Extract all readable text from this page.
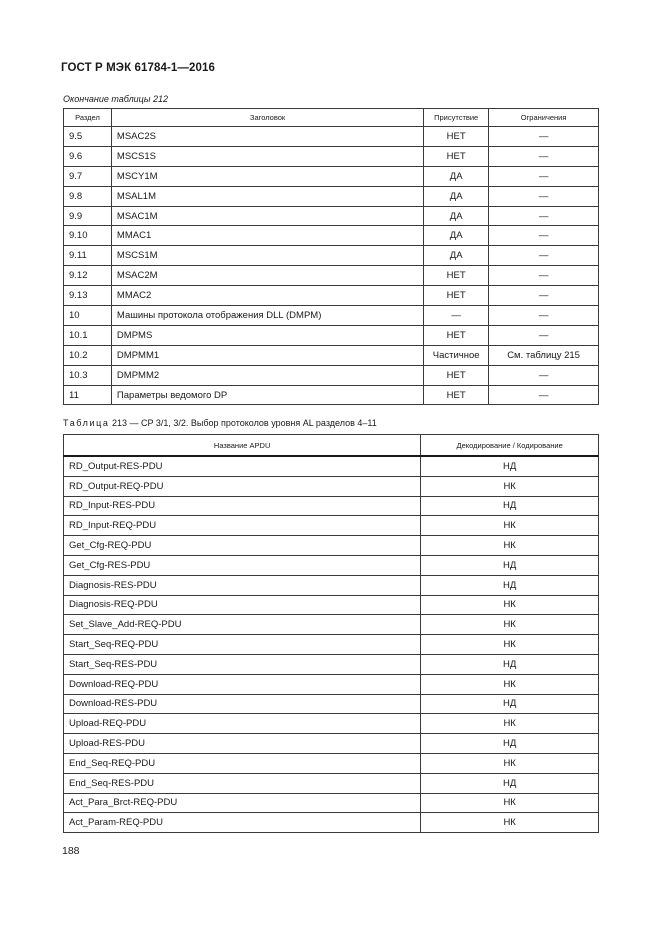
ГОСТ Р МЭК 61784-1—2016
Окончание таблицы 212
Раздел	Заголовок	Присутствие	Ограничения
9.5	MSAC2S	НЕТ	—
9.6	MSCS1S	НЕТ	—
9.7	MSCY1M	ДА	—
9.8	MSAL1M	ДА	—
9.9	MSAC1M	ДА	—
9.10	MMAC1	ДА	—
9.11	MSCS1M	ДА	—
9.12	MSAC2M	НЕТ	—
9.13	MMAC2	НЕТ	—
10	Машины протокола отображения DLL (DMPM)	—	—
10.1	DMPMS	НЕТ	—
10.2	DMPMM1	Частичное	См. таблицу 215
10.3	DMPMM2	НЕТ	—
11	Параметры ведомого DP	НЕТ	—
Таблица 213 — CP 3/1, 3/2. Выбор протоколов уровня AL разделов 4–11
Название APDU	Декодирование / Кодирование
RD_Output-RES-PDU	НД
RD_Output-REQ-PDU	НК
RD_Input-RES-PDU	НД
RD_Input-REQ-PDU	НК
Get_Cfg-REQ-PDU	НК
Get_Cfg-RES-PDU	НД
Diagnosis-RES-PDU	НД
Diagnosis-REQ-PDU	НК
Set_Slave_Add-REQ-PDU	НК
Start_Seq-REQ-PDU	НК
Start_Seq-RES-PDU	НД
Download-REQ-PDU	НК
Download-RES-PDU	НД
Upload-REQ-PDU	НК
Upload-RES-PDU	НД
End_Seq-REQ-PDU	НК
End_Seq-RES-PDU	НД
Act_Para_Brct-REQ-PDU	НК
Act_Param-REQ-PDU	НК
188
